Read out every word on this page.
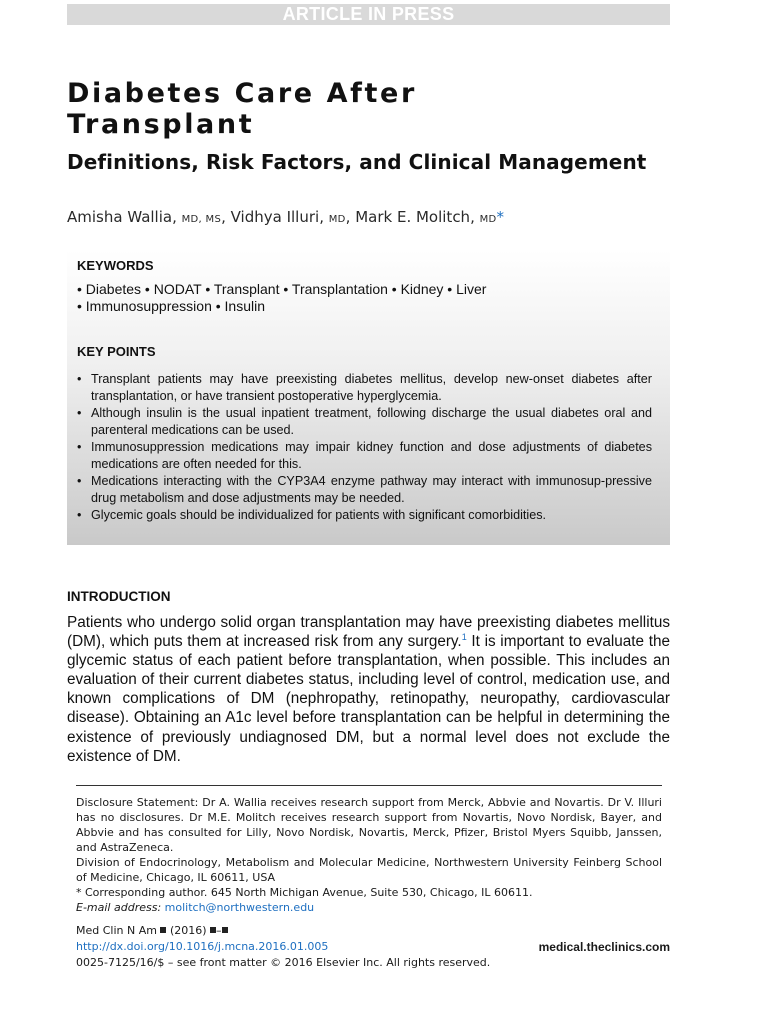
ARTICLE IN PRESS
Diabetes Care After
Transplant
Definitions, Risk Factors, and Clinical Management
Amisha Wallia, MD, MS, Vidhya Illuri, MD, Mark E. Molitch, MD*
KEYWORDS
• Diabetes • NODAT • Transplant • Transplantation • Kidney • Liver
• Immunosuppression • Insulin
KEY POINTS
• Transplant patients may have preexisting diabetes mellitus, develop new-onset diabetes after transplantation, or have transient postoperative hyperglycemia.
• Although insulin is the usual inpatient treatment, following discharge the usual diabetes oral and parenteral medications can be used.
• Immunosuppression medications may impair kidney function and dose adjustments of diabetes medications are often needed for this.
• Medications interacting with the CYP3A4 enzyme pathway may interact with immunosup-pressive drug metabolism and dose adjustments may be needed.
• Glycemic goals should be individualized for patients with significant comorbidities.
INTRODUCTION

Patients who undergo solid organ transplantation may have preexisting diabetes mellitus (DM), which puts them at increased risk from any surgery.$^1$ It is important to evaluate the glycemic status of each patient before transplantation, when possible. This includes an evaluation of their current diabetes status, including level of control, medication use, and known complications of DM (nephropathy, retinopathy, neuropathy, cardiovascular disease). Obtaining an A1c level before transplantation can be helpful in determining the existence of previously undiagnosed DM, but a normal level does not exclude the existence of DM.

Disclosure Statement: Dr A. Wallia receives research support from Merck, Abbvie and Novartis. Dr V. Illuri has no disclosures. Dr M.E. Molitch receives research support from Novartis, Novo Nordisk, Bayer, and Abbvie and has consulted for Lilly, Novo Nordisk, Novartis, Merck, Pfizer, Bristol Myers Squibb, Janssen, and AstraZeneca.

Division of Endocrinology, Metabolism and Molecular Medicine, Northwestern University Feinberg School of Medicine, Chicago, IL 60611, USA

* Corresponding author. 645 North Michigan Avenue, Suite 530, Chicago, IL 60611.

E-mail address: molitch@northwestern.edu

Med Clin N Am  (2016) –
http://dx.doi.org/10.1016/j.mcna.2016.01.005	medical.theclinics.com
0025-7125/16/$ – see front matter © 2016 Elsevier Inc. All rights reserved.
